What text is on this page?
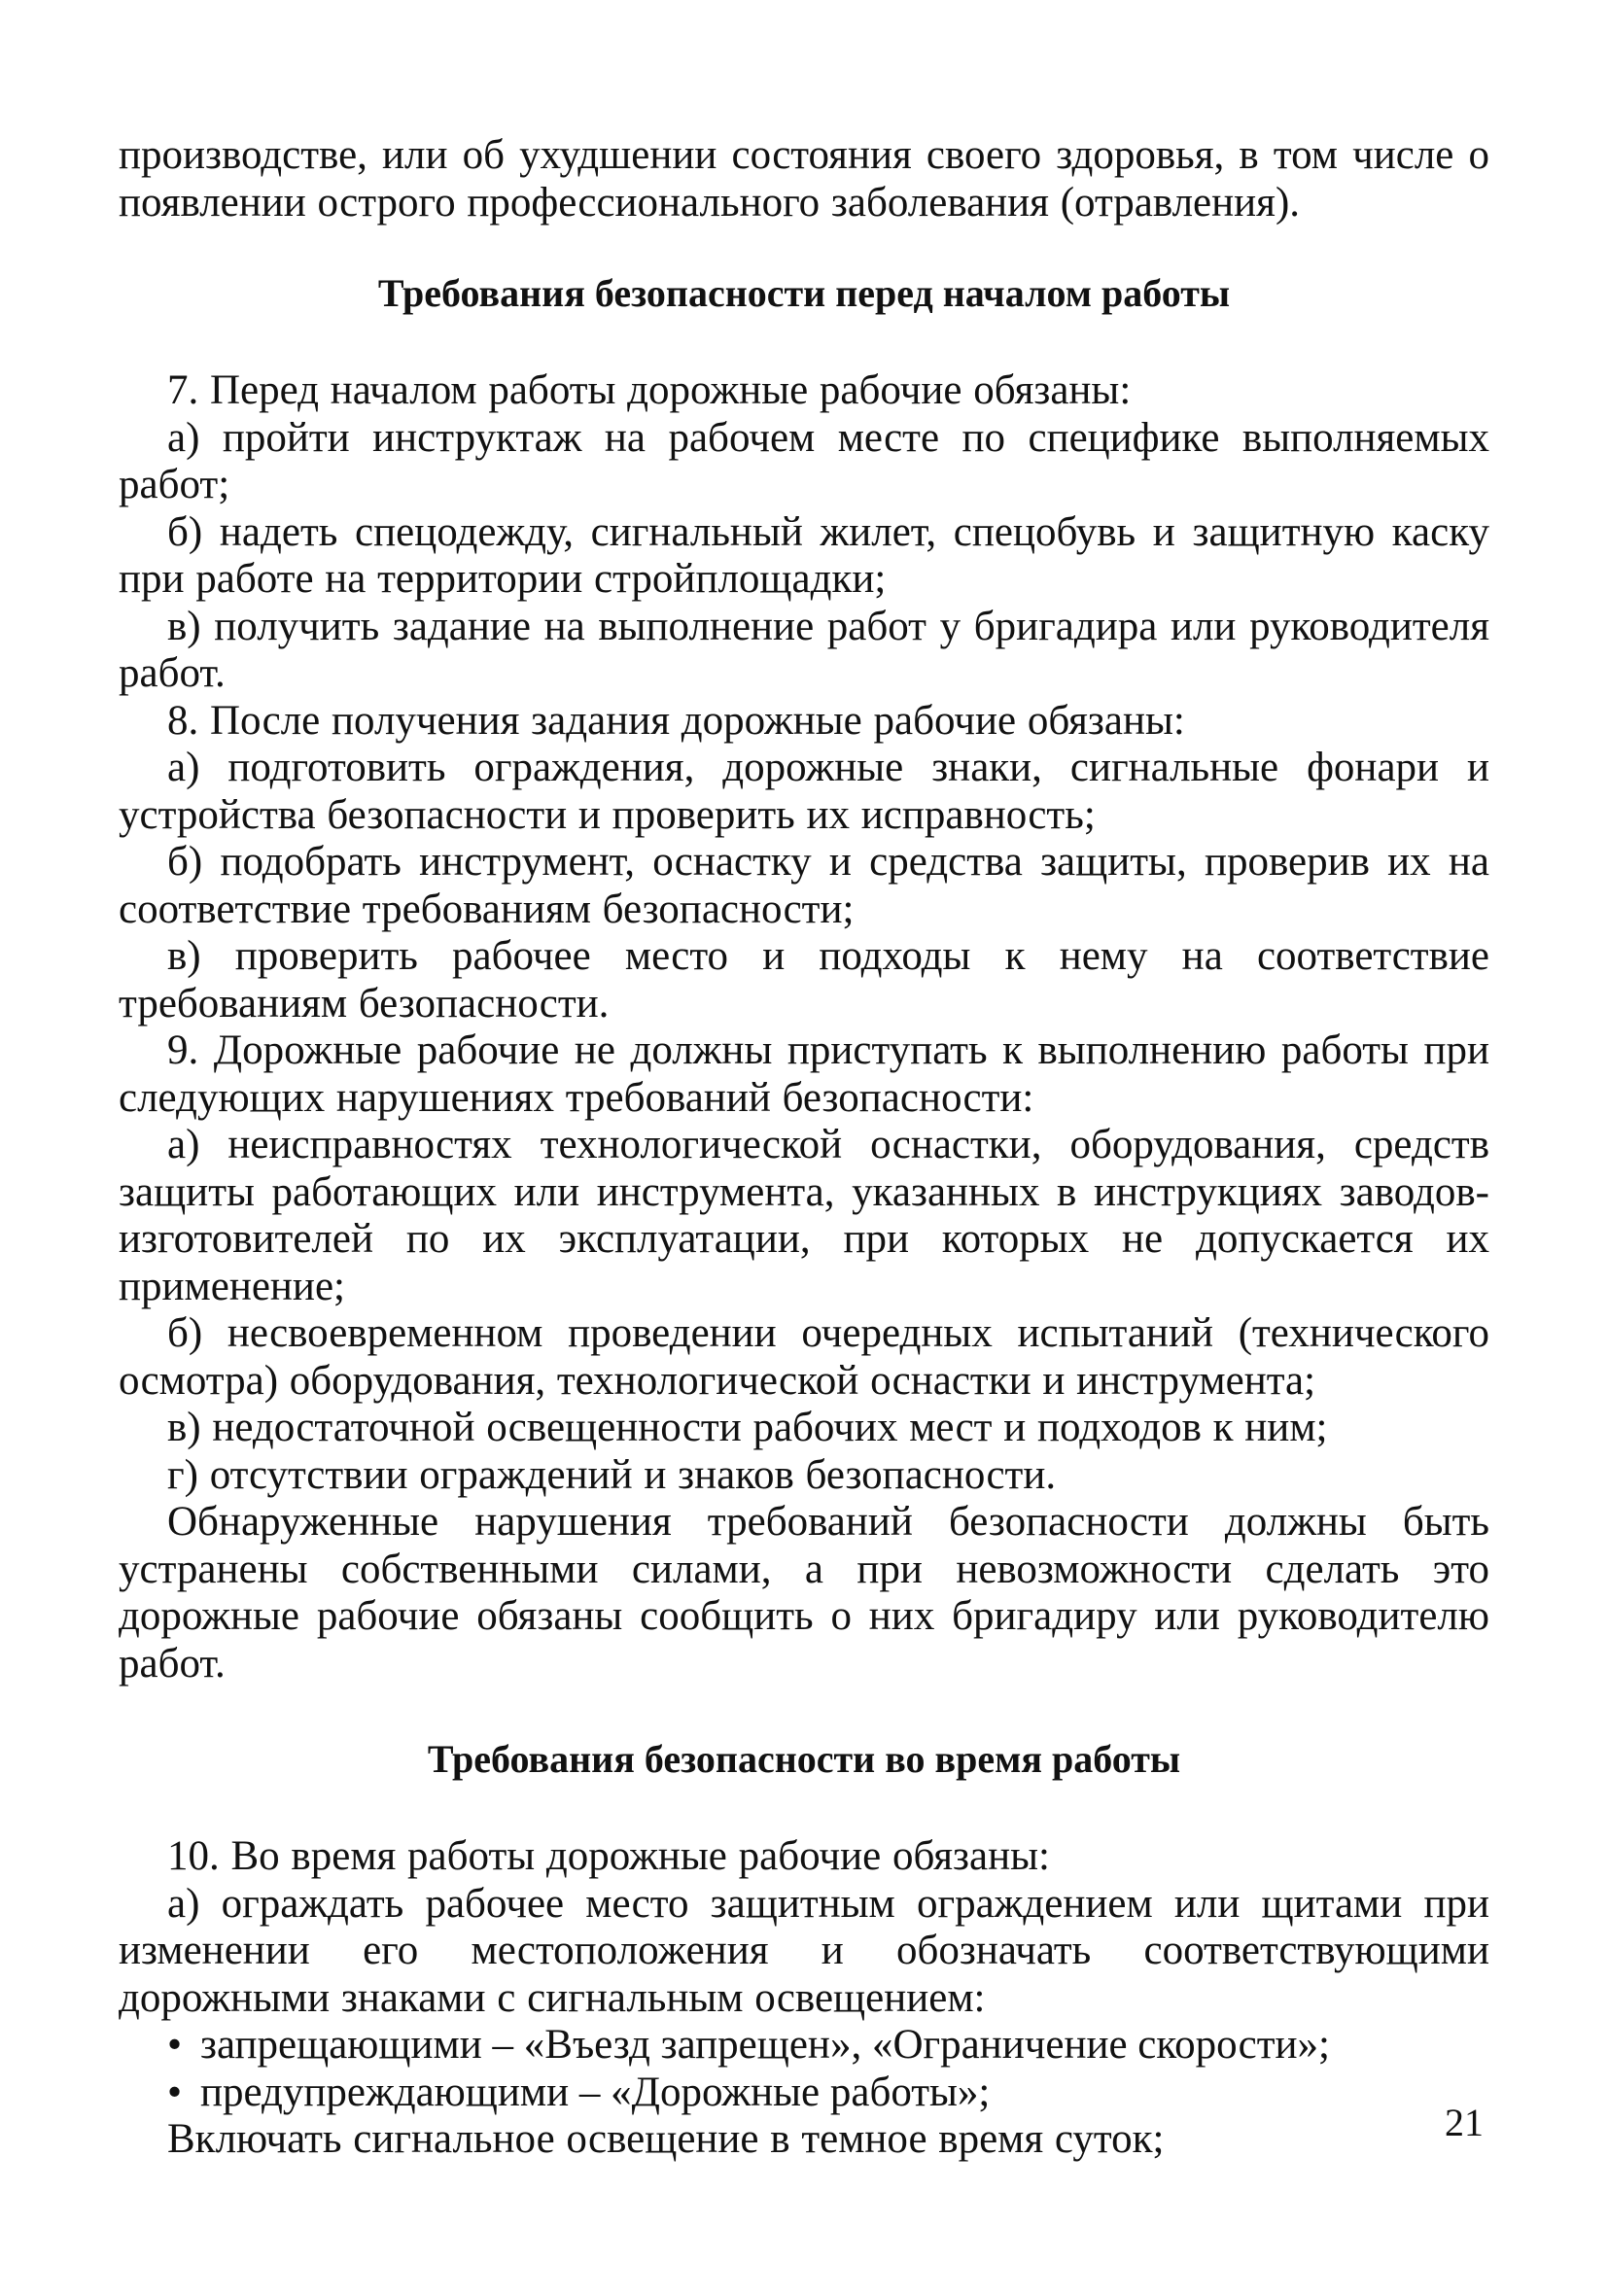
производстве, или об ухудшении состояния своего здоровья, в том числе о появлении острого профессионального заболевания (отравления).

Требования безопасности перед началом работы

7. Перед началом работы дорожные рабочие обязаны:

а) пройти инструктаж на рабочем месте по специфике выполняемых работ;

б) надеть спецодежду, сигнальный жилет, спецобувь и защитную каску при работе на территории стройплощадки;

в) получить задание на выполнение работ у бригадира или руководителя работ.

8. После получения задания дорожные рабочие обязаны:

а) подготовить ограждения, дорожные знаки, сигнальные фонари и устройства безопасности и проверить их исправность;

б) подобрать инструмент, оснастку и средства защиты, проверив их на соответствие требованиям безопасности;

в) проверить рабочее место и подходы к нему на соответствие требованиям безопасности.

9. Дорожные рабочие не должны приступать к выполнению работы при следующих нарушениях требований безопасности:

а) неисправностях технологической оснастки, оборудования, средств защиты работающих или инструмента, указанных в инструкциях заводов-изготовителей по их эксплуатации, при которых не допускается их применение;

б) несвоевременном проведении очередных испытаний (технического осмотра) оборудования, технологической оснастки и инструмента;

в) недостаточной освещенности рабочих мест и подходов к ним;

г) отсутствии ограждений и знаков безопасности.

Обнаруженные нарушения требований безопасности должны быть устранены собственными силами, а при невозможности сделать это дорожные рабочие обязаны сообщить о них бригадиру или руководителю работ.

Требования безопасности во время работы

10. Во время работы дорожные рабочие обязаны:

а) ограждать рабочее место защитным ограждением или щитами при изменении его местоположения и обозначать соответствующими дорожными знаками с сигнальным освещением:

• запрещающими – «Въезд запрещен», «Ограничение скорости»;

• предупреждающими – «Дорожные работы»;

Включать сигнальное освещение в темное время суток;	21
